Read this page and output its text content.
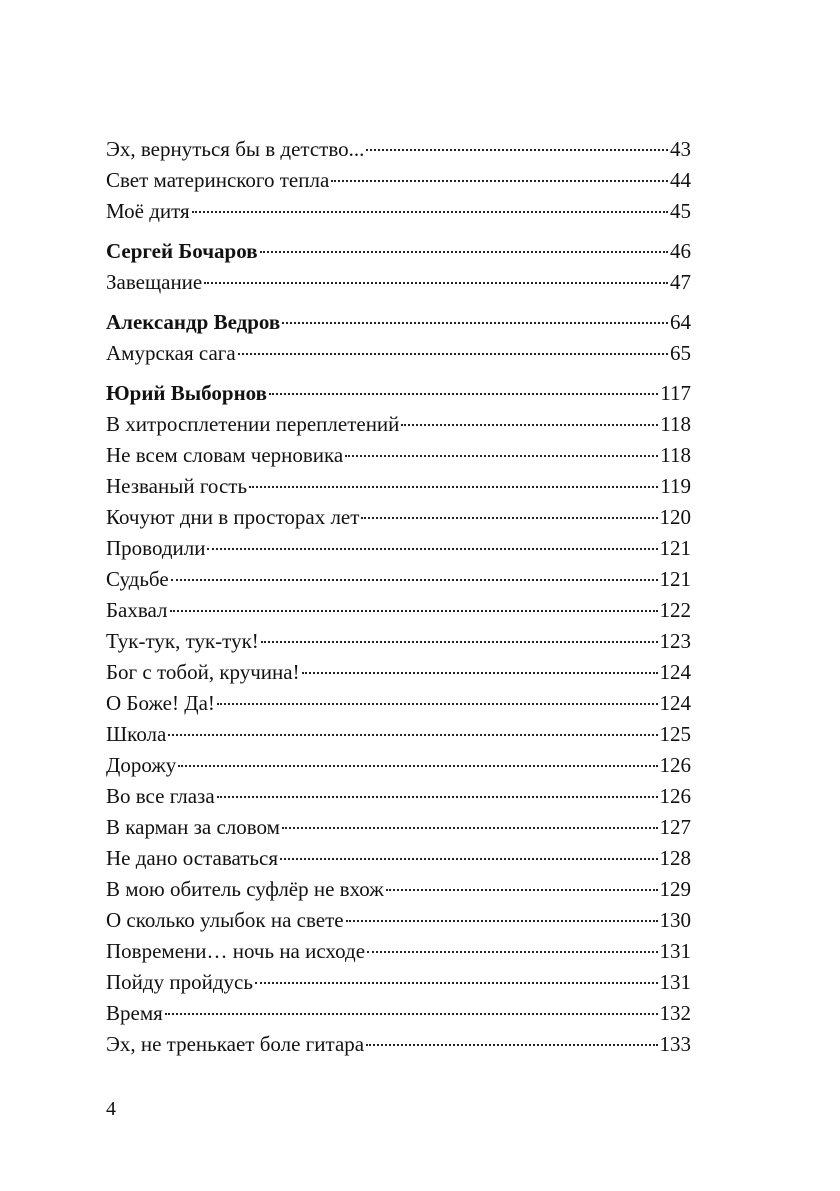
Эх, вернуться бы в детство...	43
Свет материнского тепла	44
Моё дитя	45
Сергей Бочаров	46
Завещание	47
Александр Ведров	64
Амурская сага	65
Юрий Выборнов	117
В хитросплетении переплетений	118
Не всем словам черновика	118
Незваный гость	119
Кочуют дни в просторах лет	120
Проводили	121
Судьбе	121
Бахвал	122
Тук-тук, тук-тук!	123
Бог с тобой, кручина!	124
О Боже! Да!	124
Школа	125
Дорожу	126
Во все глаза	126
В карман за словом	127
Не дано оставаться	128
В мою обитель суфлёр не вхож	129
О сколько улыбок на свете	130
Повремени… ночь на исходе	131
Пойду пройдусь	131
Время	132
Эх, не тренькает боле гитара	133
4
